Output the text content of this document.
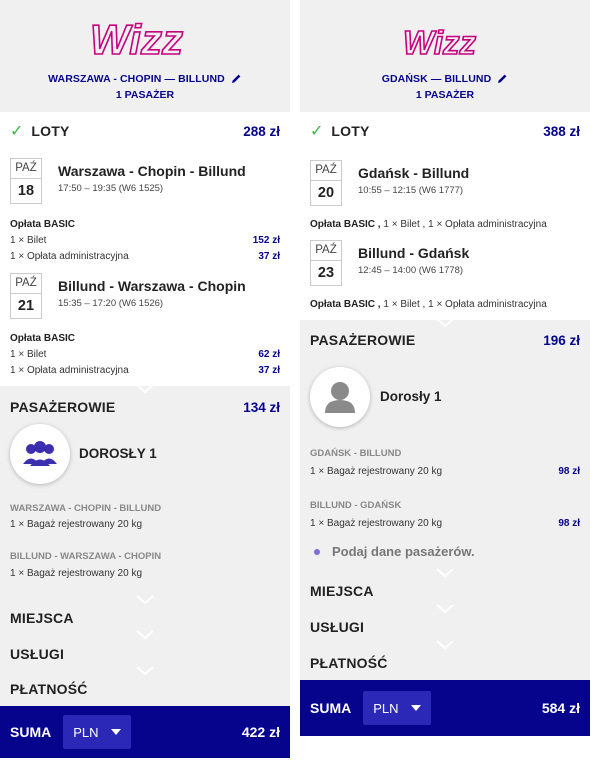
Wizz
WARSZAWA - CHOPIN — BILLUND
1 PASAŻER
✓ LOTY	288 zł
PAŹ
18
Warszawa - Chopin - Billund
17:50 – 19:35 (W6 1525)
Opłata BASIC
1 × Bilet	152 zł
1 × Opłata administracyjna	37 zł
PAŹ
21
Billund - Warszawa - Chopin
15:35 – 17:20 (W6 1526)
Opłata BASIC
1 × Bilet	62 zł
1 × Opłata administracyjna	37 zł
PASAŻEROWIE	134 zł
DOROSŁY 1
WARSZAWA - CHOPIN - BILLUND
1 × Bagaż rejestrowany 20 kg
BILLUND - WARSZAWA - CHOPIN
1 × Bagaż rejestrowany 20 kg
MIEJSCA
USŁUGI
PŁATNOŚĆ
SUMA PLN	422 zł
Wizz
GDAŃSK — BILLUND
1 PASAŻER
✓ LOTY	388 zł
PAŹ
20
Gdańsk - Billund
10:55 – 12:15 (W6 1777)
Opłata BASIC , 1 × Bilet , 1 × Opłata administracyjna
PAŹ
23
Billund - Gdańsk
12:45 – 14:00 (W6 1778)
Opłata BASIC , 1 × Bilet , 1 × Opłata administracyjna
PASAŻEROWIE	196 zł
Dorosły 1
GDAŃSK - BILLUND
1 × Bagaż rejestrowany 20 kg	98 zł
BILLUND - GDAŃSK
1 × Bagaż rejestrowany 20 kg	98 zł
Podaj dane pasażerów.
MIEJSCA
USŁUGI
PŁATNOŚĆ
SUMA PLN	584 zł
